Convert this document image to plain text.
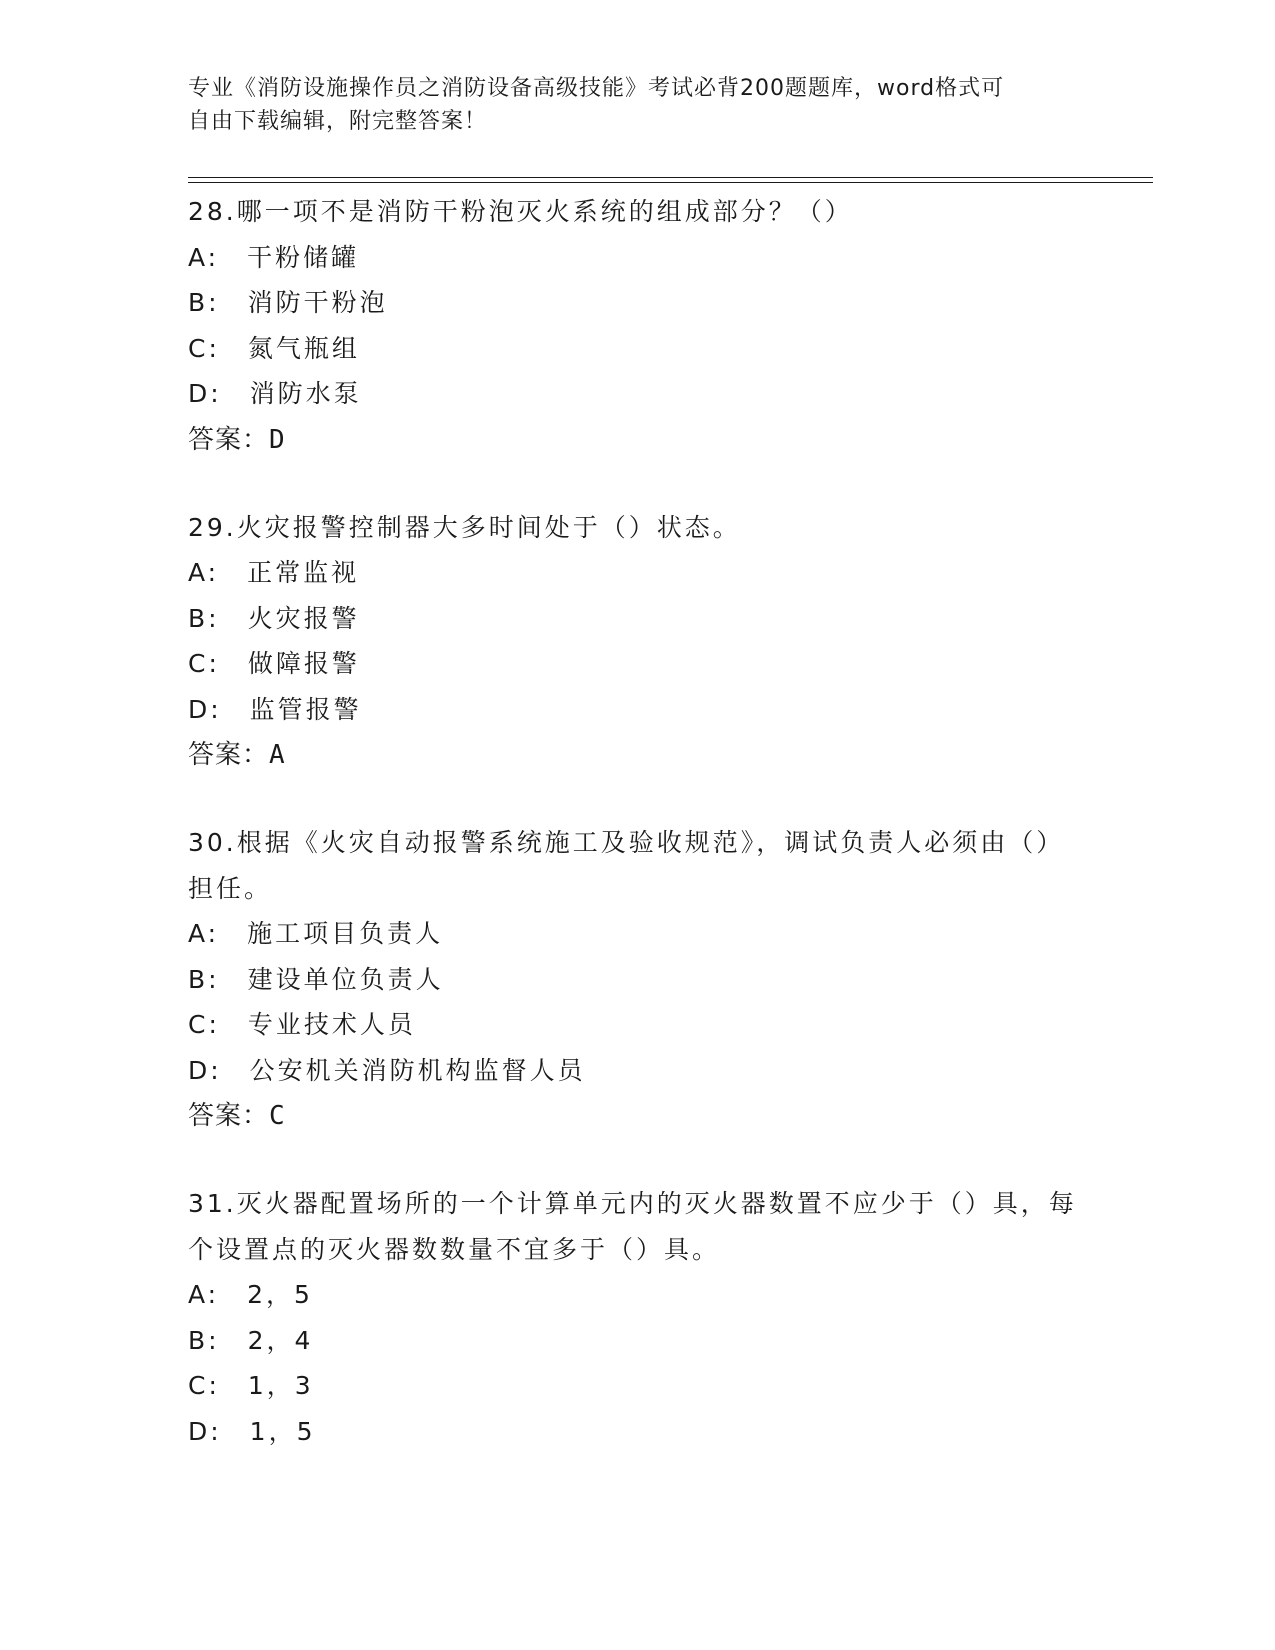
专业《消防设施操作员之消防设备高级技能》考试必背200题题库，word格式可
自由下载编辑，附完整答案！
28.哪一项不是消防干粉泡灭火系统的组成部分？（）
A:　干粉储罐
B:　消防干粉泡
C:　氮气瓶组
D:　消防水泵
答案：D
29.火灾报警控制器大多时间处于（）状态。
A:　正常监视
B:　火灾报警
C:　做障报警
D:　监管报警
答案：A
30.根据《火灾自动报警系统施工及验收规范》，调试负责人必须由（）担任。
A:　施工项目负责人
B:　建设单位负责人
C:　专业技术人员
D:　公安机关消防机构监督人员
答案：C
31.灭火器配置场所的一个计算单元内的灭火器数置不应少于（）具，每个设置点的灭火器数数量不宜多于（）具。
A:　2，5
B:　2，4
C:　1，3
D:　1，5
